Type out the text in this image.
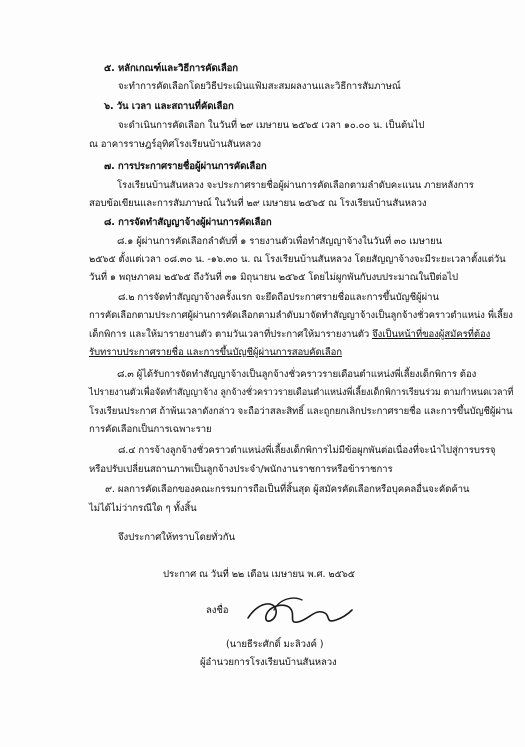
๕. หลักเกณฑ์และวิธีการคัดเลือก
จะทำการคัดเลือกโดยวิธีประเมินแฟ้มสะสมผลงานและวิธีการสัมภาษณ์
๖. วัน เวลา และสถานที่คัดเลือก
จะดำเนินการคัดเลือก ในวันที่ ๒๙ เมษายน ๒๕๖๕ เวลา ๑๐.๐๐ น. เป็นต้นไป
ณ อาคารราษฎร์อุทิศโรงเรียนบ้านสันหลวง
๗. การประกาศรายชื่อผู้ผ่านการคัดเลือก
โรงเรียนบ้านสันหลวง จะประกาศรายชื่อผู้ผ่านการคัดเลือกตามลำดับคะแนน ภายหลังการ
สอบข้อเขียนและการสัมภาษณ์ ในวันที่ ๒๙ เมษายน ๒๕๖๕ ณ โรงเรียนบ้านสันหลวง
๘. การจัดทำสัญญาจ้างผู้ผ่านการคัดเลือก
๘.๑ ผู้ผ่านการคัดเลือกลำดับที่ ๑ รายงานตัวเพื่อทำสัญญาจ้างในวันที่ ๓๐ เมษายน
๒๕๖๕ ตั้งแต่เวลา ๐๘.๓๐ น. -๑๖.๓๐ น. ณ โรงเรียนบ้านสันหลวง โดยสัญญาจ้างจะมีระยะเวลาตั้งแต่วัน
วันที่ ๑ พฤษภาคม ๒๕๖๕ ถึงวันที่ ๓๑ มิถุนายน ๒๕๖๕ โดยไม่ผูกพันกับงบประมาณในปีต่อไป
๘.๒ การจัดทำสัญญาจ้างครั้งแรก จะยึดถือประกาศรายชื่อและการขึ้นบัญชีผู้ผ่าน
การคัดเลือกตามประกาศผู้ผ่านการคัดเลือกตามลำดับมาจัดทำสัญญาจ้างเป็นลูกจ้างชั่วคราวตำแหน่ง พี่เลี้ยง
เด็กพิการ และให้มารายงานตัว ตามวันเวลาที่ประกาศให้มารายงานตัว จึงเป็นหน้าที่ของผู้สมัครที่ต้อง
รับทราบประกาศรายชื่อ และการขึ้นบัญชีผู้ผ่านการสอบคัดเลือก
๘.๓ ผู้ได้รับการจัดทำสัญญาจ้างเป็นลูกจ้างชั่วคราวรายเดือนตำแหน่งพี่เลี้ยงเด็กพิการ ต้อง
ไปรายงานตัวเพื่อจัดทำสัญญาจ้าง ลูกจ้างชั่วคราวรายเดือนตำแหน่งพี่เลี้ยงเด็กพิการเรียนร่วม ตามกำหนดเวลาที่
โรงเรียนประกาศ ถ้าพ้นเวลาดังกล่าว จะถือว่าสละสิทธิ์ และถูกยกเลิกประกาศรายชื่อ และการขึ้นบัญชีผู้ผ่าน
การคัดเลือกเป็นการเฉพาะราย
๘.๔ การจ้างลูกจ้างชั่วคราวตำแหน่งพี่เลี้ยงเด็กพิการไม่มีข้อผูกพันต่อเนื่องที่จะนำไปสู่การบรรจุ
หรือปรับเปลี่ยนสถานภาพเป็นลูกจ้างประจำ/พนักงานราชการหรือข้าราชการ
๙. ผลการคัดเลือกของคณะกรรมการถือเป็นที่สิ้นสุด ผู้สมัครคัดเลือกหรือบุคคลอื่นจะคัดค้าน
ไม่ได้ไม่ว่ากรณีใด ๆ ทั้งสิ้น
จึงประกาศให้ทราบโดยทั่วกัน
ประกาศ ณ วันที่ ๒๒ เดือน เมษายน พ.ศ. ๒๕๖๕
ลงชื่อ
(นายธีระศักดิ์ มะลิวงค์ )
ผู้อำนวยการโรงเรียนบ้านสันหลวง
